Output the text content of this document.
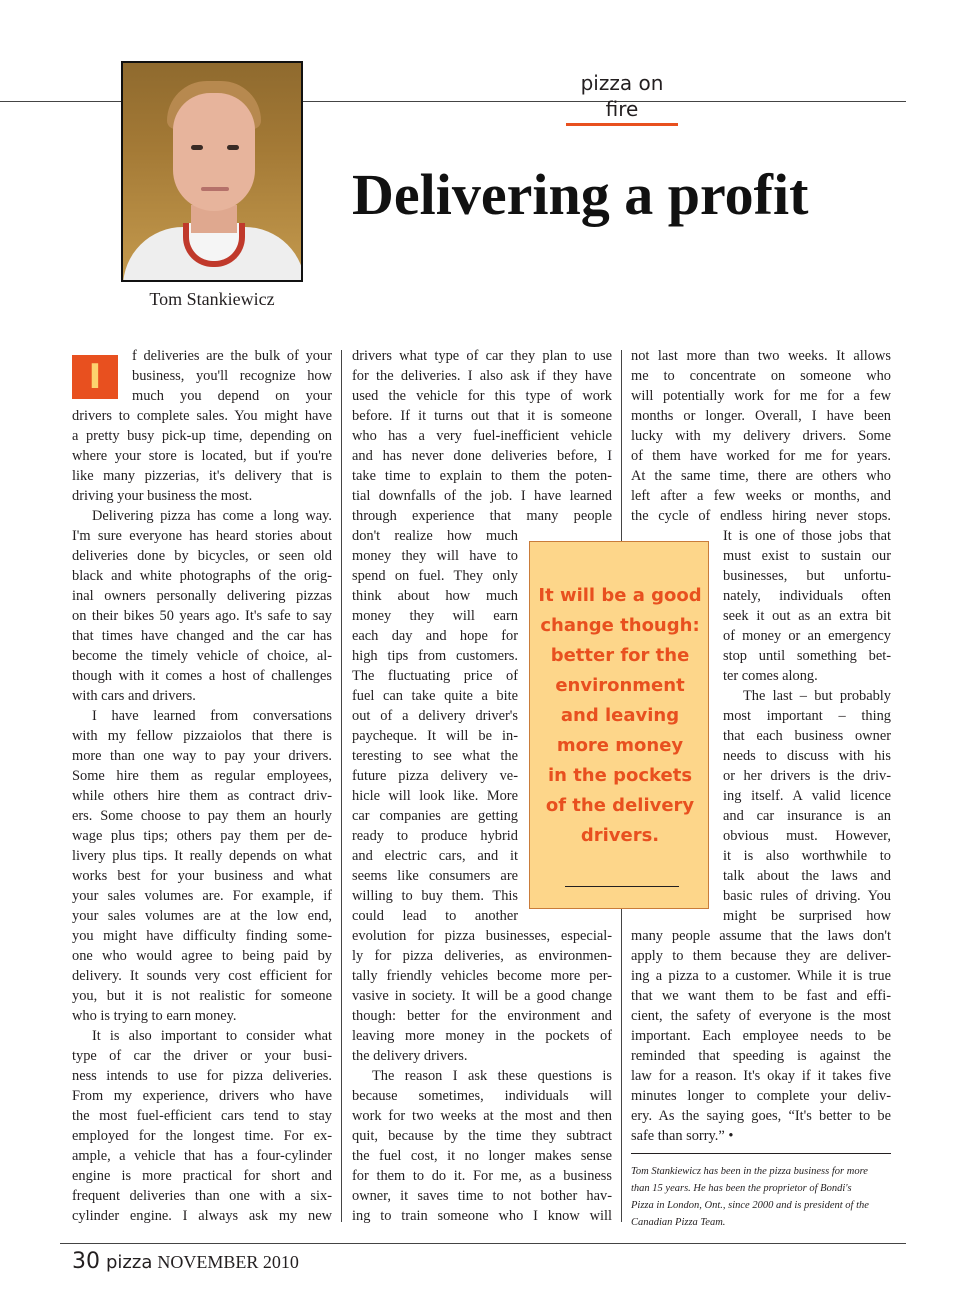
pizza on fire
Tom Stankiewicz
Delivering a profit
I
f deliveries are the bulk of your
business, you'll recognize how
much you depend on your
drivers to complete sales. You might have
a pretty busy pick-up time, depending on
where your store is located, but if you're
like many pizzerias, it's delivery that is
driving your business the most.
Delivering pizza has come a long way.
I'm sure everyone has heard stories about
deliveries done by bicycles, or seen old
black and white photographs of the orig-
inal owners personally delivering pizzas
on their bikes 50 years ago. It's safe to say
that times have changed and the car has
become the timely vehicle of choice, al-
though with it comes a host of challenges
with cars and drivers.
I have learned from conversations
with my fellow pizzaiolos that there is
more than one way to pay your drivers.
Some hire them as regular employees,
while others hire them as contract driv-
ers. Some choose to pay them an hourly
wage plus tips; others pay them per de-
livery plus tips. It really depends on what
works best for your business and what
your sales volumes are. For example, if
your sales volumes are at the low end,
you might have difficulty finding some-
one who would agree to being paid by
delivery. It sounds very cost efficient for
you, but it is not realistic for someone
who is trying to earn money.
It is also important to consider what
type of car the driver or your busi-
ness intends to use for pizza deliveries.
From my experience, drivers who have
the most fuel-efficient cars tend to stay
employed for the longest time. For ex-
ample, a vehicle that has a four-cylinder
engine is more practical for short and
frequent deliveries than one with a six-
cylinder engine. I always ask my new
drivers what type of car they plan to use
for the deliveries. I also ask if they have
used the vehicle for this type of work
before. If it turns out that it is someone
who has a very fuel-inefficient vehicle
and has never done deliveries before, I
take time to explain to them the poten-
tial downfalls of the job. I have learned
through experience that many people
don't realize how much
money they will have to
spend on fuel. They only
think about how much
money they will earn
each day and hope for
high tips from customers.
The fluctuating price of
fuel can take quite a bite
out of a delivery driver's
paycheque. It will be in-
teresting to see what the
future pizza delivery ve-
hicle will look like. More
car companies are getting
ready to produce hybrid
and electric cars, and it
seems like consumers are
willing to buy them. This
could lead to another
evolution for pizza businesses, especial-
ly for pizza deliveries, as environmen-
tally friendly vehicles become more per-
vasive in society. It will be a good change
though: better for the environment and
leaving more money in the pockets of
the delivery drivers.
The reason I ask these questions is
because sometimes, individuals will
work for two weeks at the most and then
quit, because by the time they subtract
the fuel cost, it no longer makes sense
for them to do it. For me, as a business
owner, it saves time to not bother hav-
ing to train someone who I know will
not last more than two weeks. It allows
me to concentrate on someone who
will potentially work for me for a few
months or longer. Overall, I have been
lucky with my delivery drivers. Some
of them have worked for me for years.
At the same time, there are others who
left after a few weeks or months, and
the cycle of endless hiring never stops.
It is one of those jobs that
must exist to sustain our
businesses, but unfortu-
nately, individuals often
seek it out as an extra bit
of money or an emergency
stop until something bet-
ter comes along.
The last – but probably
most important – thing
that each business owner
needs to discuss with his
or her drivers is the driv-
ing itself. A valid licence
and car insurance is an
obvious must. However,
it is also worthwhile to
talk about the laws and
basic rules of driving. You
might be surprised how
many people assume that the laws don't
apply to them because they are deliver-
ing a pizza to a customer. While it is true
that we want them to be fast and effi-
cient, the safety of everyone is the most
important. Each employee needs to be
reminded that speeding is against the
law for a reason. It's okay if it takes five
minutes longer to complete your deliv-
ery. As the saying goes, “It's better to be
safe than sorry.” •
It will be a good
change though:
better for the
environment
and leaving
more money
in the pockets
of the delivery
drivers.
Tom Stankiewicz has been in the pizza business for more
than 15 years. He has been the proprietor of Bondi's
Pizza in London, Ont., since 2000 and is president of the
Canadian Pizza Team.
30 pizza NOVEMBER 2010
